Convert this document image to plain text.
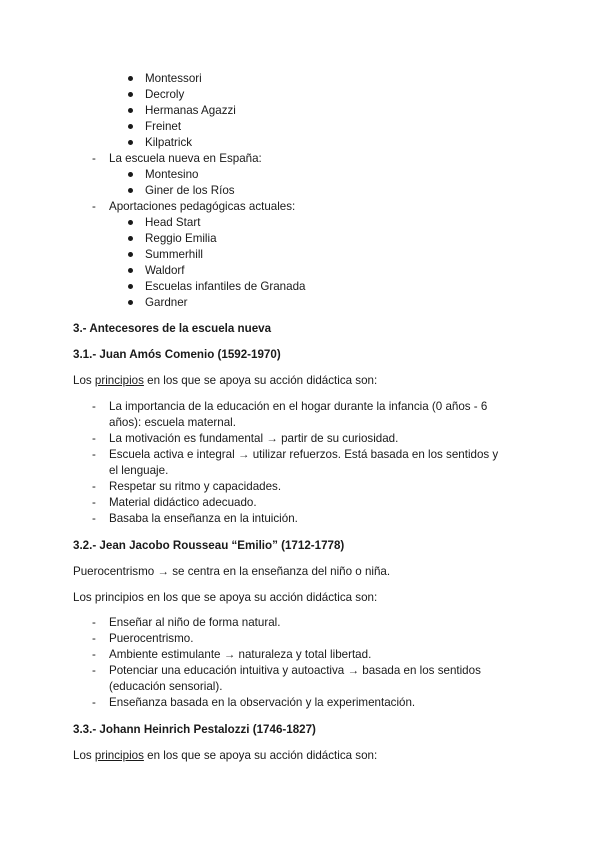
Montessori
Decroly
Hermanas Agazzi
Freinet
Kilpatrick
- La escuela nueva en España:
Montesino
Giner de los Ríos
- Aportaciones pedagógicas actuales:
Head Start
Reggio Emilia
Summerhill
Waldorf
Escuelas infantiles de Granada
Gardner
3.- Antecesores de la escuela nueva
3.1.- Juan Amós Comenio (1592-1970)
Los principios en los que se apoya su acción didáctica son:
- La importancia de la educación en el hogar durante la infancia (0 años - 6
años): escuela maternal.
- La motivación es fundamental → partir de su curiosidad.
- Escuela activa e integral → utilizar refuerzos. Está basada en los sentidos y
el lenguaje.
- Respetar su ritmo y capacidades.
- Material didáctico adecuado.
- Basaba la enseñanza en la intuición.
3.2.- Jean Jacobo Rousseau “Emilio” (1712-1778)
Puerocentrismo → se centra en la enseñanza del niño o niña.
Los principios en los que se apoya su acción didáctica son:
- Enseñar al niño de forma natural.
- Puerocentrismo.
- Ambiente estimulante → naturaleza y total libertad.
- Potenciar una educación intuitiva y autoactiva → basada en los sentidos
(educación sensorial).
- Enseñanza basada en la observación y la experimentación.
3.3.- Johann Heinrich Pestalozzi (1746-1827)
Los principios en los que se apoya su acción didáctica son:
